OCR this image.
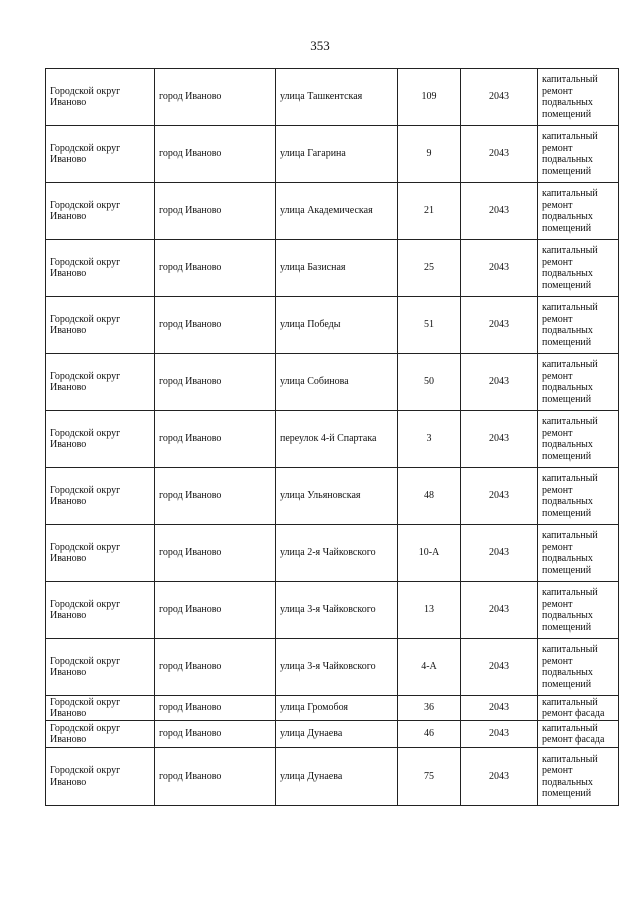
353
Городской округ Иваново	город Иваново	улица Ташкентская	109	2043	капитальный ремонт подвальных помещений

Городской округ Иваново	город Иваново	улица Гагарина	9	2043	капитальный ремонт подвальных помещений

Городской округ Иваново	город Иваново	улица Академическая	21	2043	капитальный ремонт подвальных помещений

Городской округ Иваново	город Иваново	улица Базисная	25	2043	капитальный ремонт подвальных помещений

Городской округ Иваново	город Иваново	улица Победы	51	2043	капитальный ремонт подвальных помещений

Городской округ Иваново	город Иваново	улица Собинова	50	2043	капитальный ремонт подвальных помещений

Городской округ Иваново	город Иваново	переулок 4-й Спартака	3	2043	капитальный ремонт подвальных помещений

Городской округ Иваново	город Иваново	улица Ульяновская	48	2043	капитальный ремонт подвальных помещений

Городской округ Иваново	город Иваново	улица 2-я Чайковского	10-А	2043	капитальный ремонт подвальных помещений

Городской округ Иваново	город Иваново	улица 3-я Чайковского	13	2043	капитальный ремонт подвальных помещений

Городской округ Иваново	город Иваново	улица 3-я Чайковского	4-А	2043	капитальный ремонт подвальных помещений

Городской округ Иваново	город Иваново	улица Громобоя	36	2043	капитальный ремонт фасада

Городской округ Иваново	город Иваново	улица Дунаева	46	2043	капитальный ремонт фасада

Городской округ Иваново	город Иваново	улица Дунаева	75	2043	капитальный ремонт подвальных помещений
